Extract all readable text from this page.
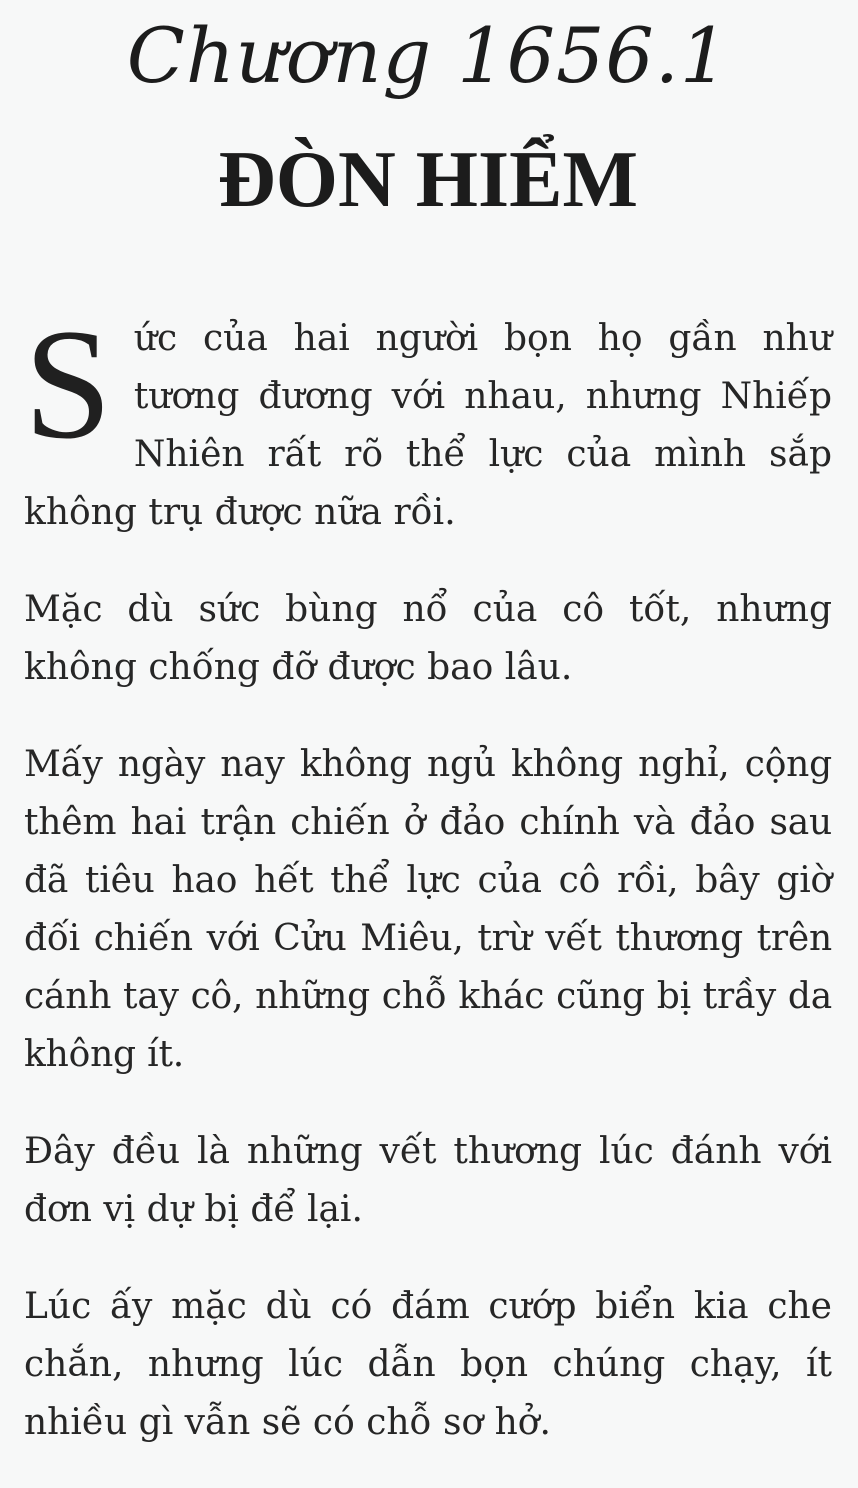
Chương 1656.1
ĐÒN HIỂM

Sức của hai người bọn họ gần như tương đương với nhau, nhưng Nhiếp Nhiên rất rõ thể lực của mình sắp không trụ được nữa rồi.

Mặc dù sức bùng nổ của cô tốt, nhưng không chống đỡ được bao lâu.

Mấy ngày nay không ngủ không nghỉ, cộng thêm hai trận chiến ở đảo chính và đảo sau đã tiêu hao hết thể lực của cô rồi, bây giờ đối chiến với Cửu Miêu, trừ vết thương trên cánh tay cô, những chỗ khác cũng bị trầy da không ít.

Đây đều là những vết thương lúc đánh với đơn vị dự bị để lại.

Lúc ấy mặc dù có đám cướp biển kia che chắn, nhưng lúc dẫn bọn chúng chạy, ít nhiều gì vẫn sẽ có chỗ sơ hở.
